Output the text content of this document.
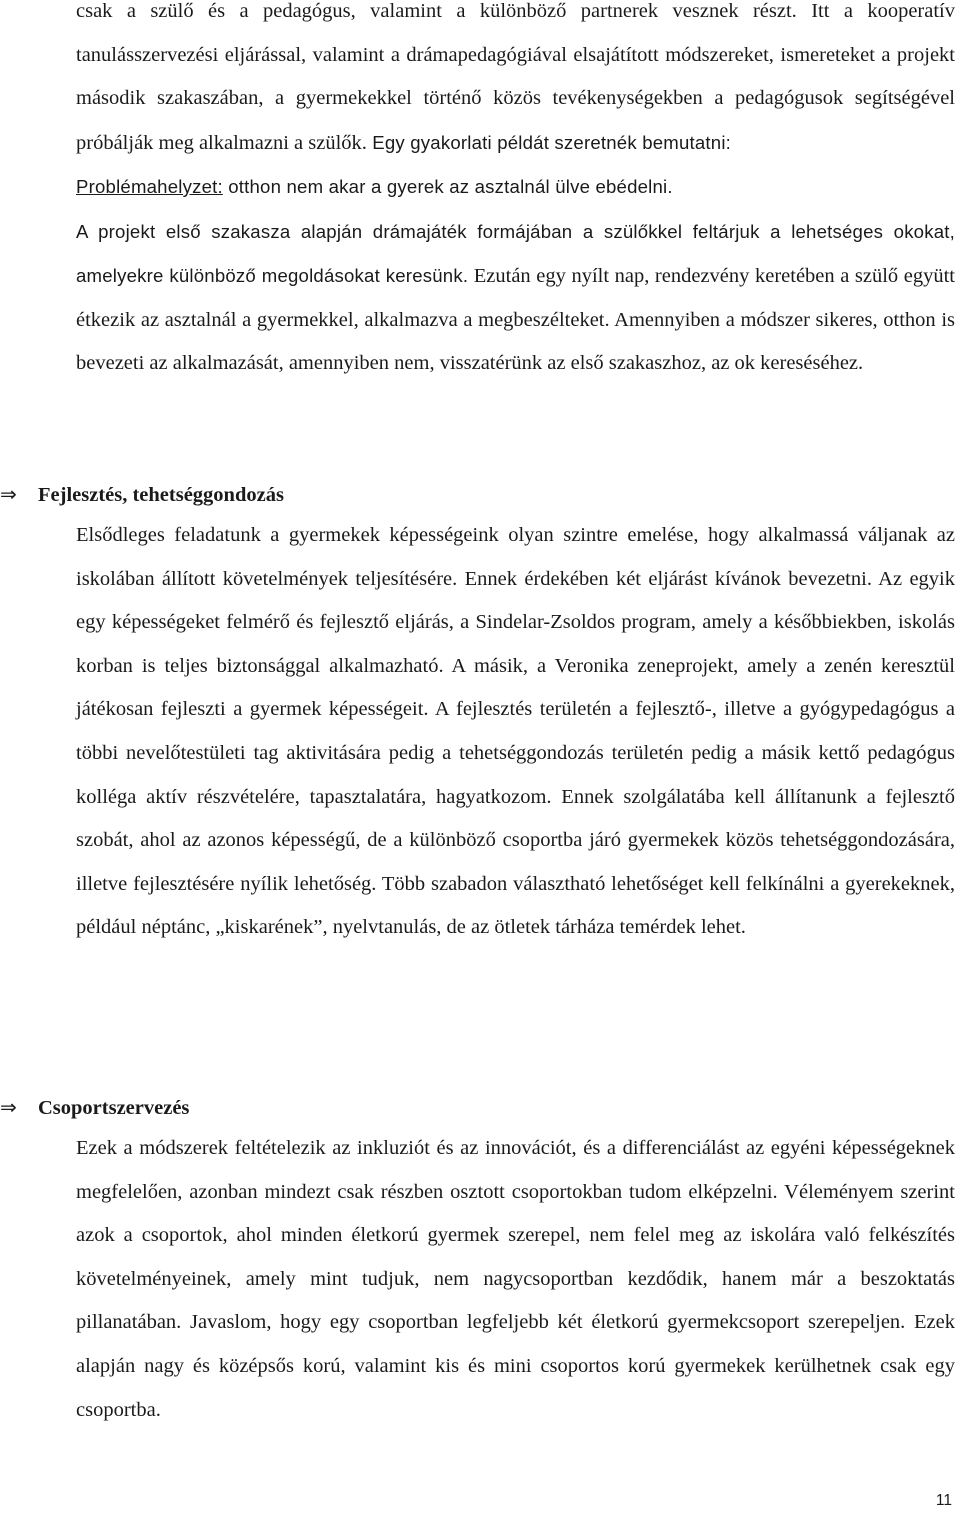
csak a szülő és a pedagógus, valamint a különböző partnerek vesznek részt. Itt a kooperatív tanulásszervezési eljárással, valamint a drámapedagógiával elsajátított módszereket, ismereteket a projekt második szakaszában, a gyermekekkel történő közös tevékenységekben a pedagógusok segítségével próbálják meg alkalmazni a szülők. Egy gyakorlati példát szeretnék bemutatni:
Problémahelyzet: otthon nem akar a gyerek az asztalnál ülve ebédelni.
A projekt első szakasza alapján drámajáték formájában a szülőkkel feltárjuk a lehetséges okokat, amelyekre különböző megoldásokat keresünk. Ezután egy nyílt nap, rendezvény keretében a szülő együtt étkezik az asztalnál a gyermekkel, alkalmazva a megbeszélteket. Amennyiben a módszer sikeres, otthon is bevezeti az alkalmazását, amennyiben nem, visszatérünk az első szakaszhoz, az ok kereséséhez.

⇒ Fejlesztés, tehetséggondozás

Elsődleges feladatunk a gyermekek képességeink olyan szintre emelése, hogy alkalmassá váljanak az iskolában állított követelmények teljesítésére. Ennek érdekében két eljárást kívánok bevezetni. Az egyik egy képességeket felmérő és fejlesztő eljárás, a Sindelar-Zsoldos program, amely a későbbiekben, iskolás korban is teljes biztonsággal alkalmazható. A másik, a Veronika zeneprojekt, amely a zenén keresztül játékosan fejleszti a gyermek képességeit. A fejlesztés területén a fejlesztő-, illetve a gyógypedagógus a többi nevelőtestületi tag aktivitására pedig a tehetséggondozás területén pedig a másik kettő pedagógus kolléga aktív részvételére, tapasztalatára, hagyatkozom. Ennek szolgálatába kell állítanunk a fejlesztő szobát, ahol az azonos képességű, de a különböző csoportba járó gyermekek közös tehetséggondozására, illetve fejlesztésére nyílik lehetőség. Több szabadon választható lehetőséget kell felkínálni a gyerekeknek, például néptánc, „kiskarének”, nyelvtanulás, de az ötletek tárháza temérdek lehet.

⇒ Csoportszervezés

Ezek a módszerek feltételezik az inkluziót és az innovációt, és a differenciálást az egyéni képességeknek megfelelően, azonban mindezt csak részben osztott csoportokban tudom elképzelni. Véleményem szerint azok a csoportok, ahol minden életkorú gyermek szerepel, nem felel meg az iskolára való felkészítés követelményeinek, amely mint tudjuk, nem nagycsoportban kezdődik, hanem már a beszoktatás pillanatában. Javaslom, hogy egy csoportban legfeljebb két életkorú gyermekcsoport szerepeljen. Ezek alapján nagy és középsős korú, valamint kis és mini csoportos korú gyermekek kerülhetnek csak egy csoportba.

11
